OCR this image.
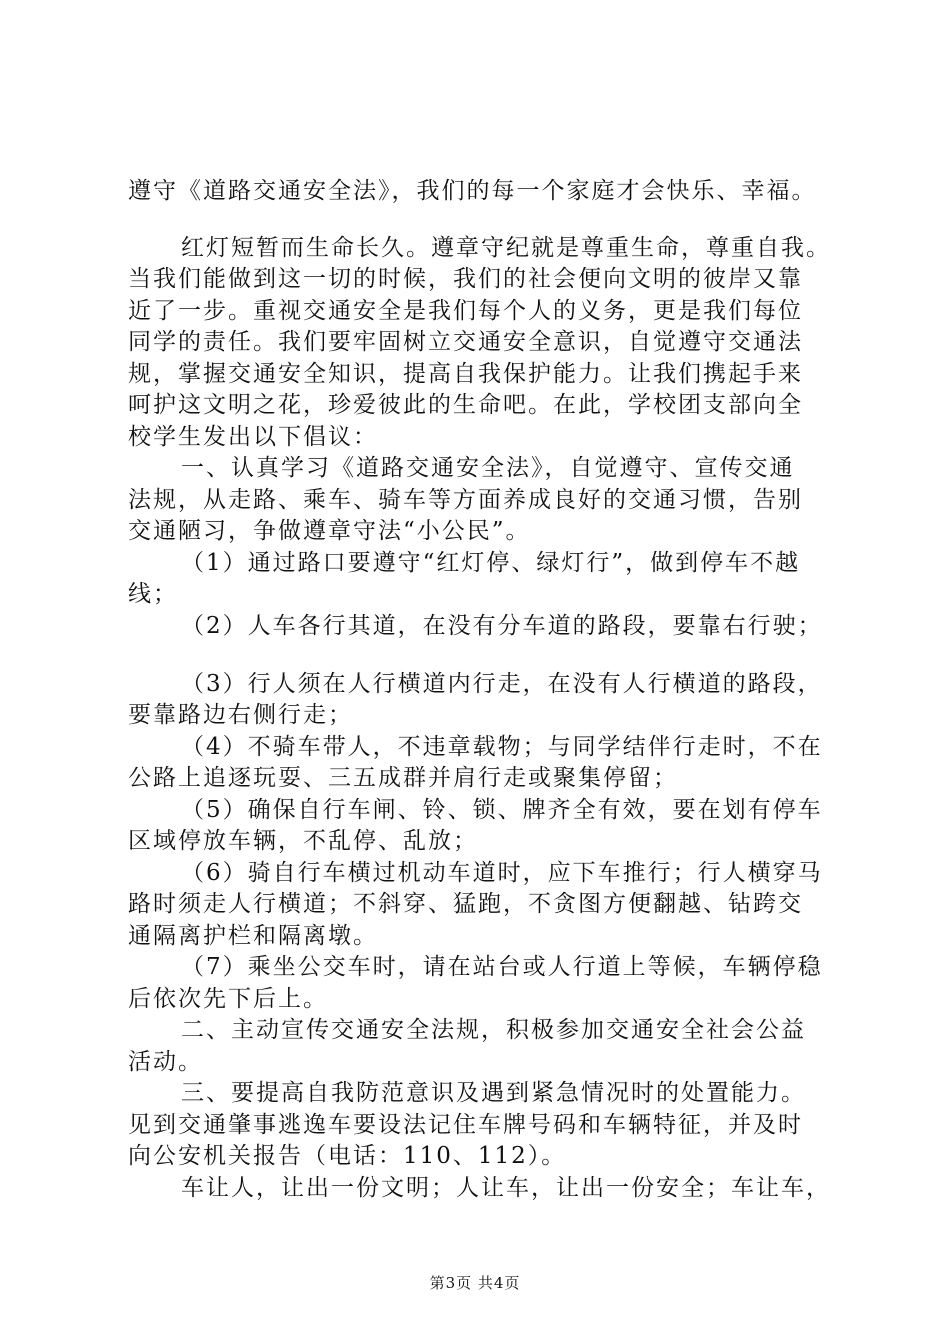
遵守《道路交通安全法》，我们的每一个家庭才会快乐、幸福。
红灯短暂而生命长久。遵章守纪就是尊重生命，尊重自我。
当我们能做到这一切的时候，我们的社会便向文明的彼岸又靠
近了一步。重视交通安全是我们每个人的义务，更是我们每位
同学的责任。我们要牢固树立交通安全意识，自觉遵守交通法
规，掌握交通安全知识，提高自我保护能力。让我们携起手来
呵护这文明之花，珍爱彼此的生命吧。在此，学校团支部向全
校学生发出以下倡议：
一、认真学习《道路交通安全法》，自觉遵守、宣传交通
法规，从走路、乘车、骑车等方面养成良好的交通习惯，告别
交通陋习，争做遵章守法“小公民”。
（1）通过路口要遵守“红灯停、绿灯行”，做到停车不越
线；
（2）人车各行其道，在没有分车道的路段，要靠右行驶；
（3）行人须在人行横道内行走，在没有人行横道的路段，
要靠路边右侧行走；
（4）不骑车带人，不违章载物；与同学结伴行走时，不在
公路上追逐玩耍、三五成群并肩行走或聚集停留；
（5）确保自行车闸、铃、锁、牌齐全有效，要在划有停车
区域停放车辆，不乱停、乱放；
（6）骑自行车横过机动车道时，应下车推行；行人横穿马
路时须走人行横道；不斜穿、猛跑，不贪图方便翻越、钻跨交
通隔离护栏和隔离墩。
（7）乘坐公交车时，请在站台或人行道上等候，车辆停稳
后依次先下后上。
二、主动宣传交通安全法规，积极参加交通安全社会公益
活动。
三、要提高自我防范意识及遇到紧急情况时的处置能力。
见到交通肇事逃逸车要设法记住车牌号码和车辆特征，并及时
向公安机关报告（电话：110、112）。
车让人，让出一份文明；人让车，让出一份安全；车让车，
第3页 共4页
